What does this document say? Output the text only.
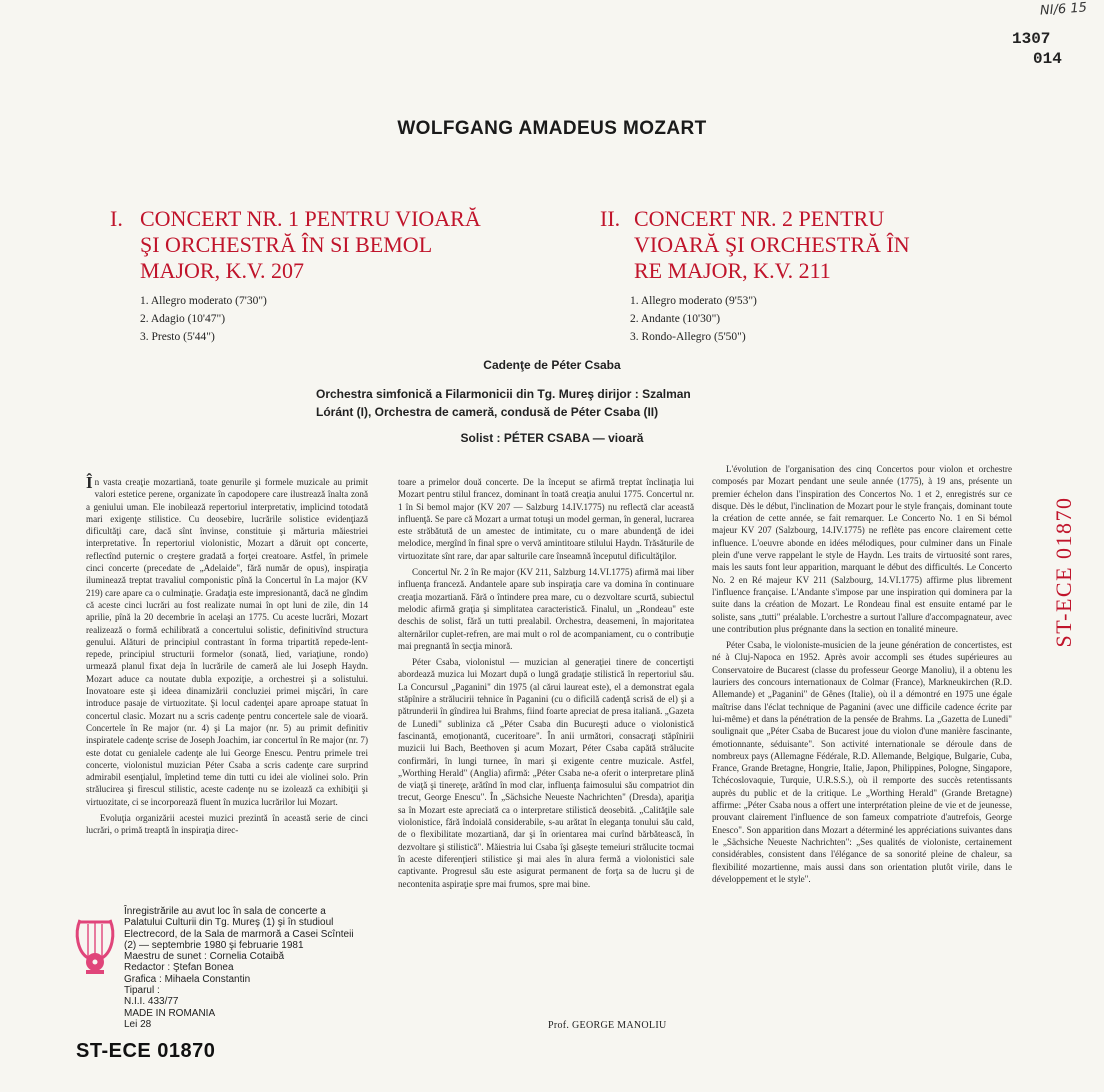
NI/6 15
1307
014
WOLFGANG AMADEUS MOZART
I. CONCERT NR. 1 PENTRU VIOARĂ
ŞI ORCHESTRĂ ÎN SI BEMOL
MAJOR, K.V. 207
II. CONCERT NR. 2 PENTRU
VIOARĂ ŞI ORCHESTRĂ ÎN
RE MAJOR, K.V. 211
1. Allegro moderato (7'30")
2. Adagio (10'47")
3. Presto (5'44")
1. Allegro moderato (9'53")
2. Andante (10'30")
3. Rondo-Allegro (5'50")
Cadenţe de Péter Csaba
Orchestra simfonică a Filarmonicii din Tg. Mureş dirijor : Szalman
Lóránt (I), Orchestra de cameră, condusă de Péter Csaba (II)
Solist : PÉTER CSABA — vioară

În vasta creaţie mozartiană, toate genurile şi formele muzicale au primit valori estetice perene, organizate în capodopere care ilustrează înalta zonă a geniului uman. Ele inobilează repertoriul interpretativ, implicind totodată mari exigenţe stilistice. Cu deosebire, lucrările solistice evidenţiază dificultăţi care, dacă sînt învinse, constituie şi mărturia măiestriei interpretative. În repertoriul violonistic, Mozart a dăruit opt concerte, reflectînd puternic o creştere gradată a forţei creatoare. Astfel, în primele cinci concerte (precedate de „Adelaide", fără număr de opus), inspiraţia iluminează treptat travaliul componistic pînă la Concertul în La major (KV 219) care apare ca o culminaţie. Gradaţia este impresionantă, dacă ne gîndim că aceste cinci lucrări au fost realizate numai în opt luni de zile, din 14 aprilie, pînă la 20 decembrie în acelaşi an 1775. Cu aceste lucrări, Mozart realizează o formă echilibrată a concertului solistic, definitivînd structura genului. Alături de principiul contrastant în forma tripartită repede-lent-repede, principiul structurii formelor (sonată, lied, variaţiune, rondo) urmează planul fixat deja în lucrările de cameră ale lui Joseph Haydn. Mozart aduce ca noutate dubla expoziţie, a orchestrei şi a solistului. Inovatoare este şi ideea dinamizării concluziei primei mişcări, în care introduce pasaje de virtuozitate. Şi locul cadenţei apare aproape statuat în concertul clasic. Mozart nu a scris cadenţe pentru concertele sale de vioară. Concertele în Re major (nr. 4) şi La major (nr. 5) au primit definitiv inspiratele cadenţe scrise de Joseph Joachim, iar concertul în Re major (nr. 7) este dotat cu genialele cadenţe ale lui George Enescu. Pentru primele trei concerte, violonistul muzician Péter Csaba a scris cadenţe care surprind admirabil esenţialul, împletind teme din tutti cu idei ale violinei solo. Prin strălucirea şi firescul stilistic, aceste cadenţe nu se izolează ca exhibiţii şi virtuozitate, ci se incorporează fluent în muzica lucrărilor lui Mozart.

Evoluţia organizării acestei muzici prezintă în această serie de cinci lucrări, o primă treaptă în inspiraţia direc-

toare a primelor două concerte. De la început se afirmă treptat înclinaţia lui Mozart pentru stilul francez, dominant în toată creaţia anului 1775. Concertul nr. 1 în Si bemol major (KV 207 — Salzburg 14.IV.1775) nu reflectă clar această influenţă. Se pare că Mozart a urmat totuşi un model german, în general, lucrarea este străbătută de un amestec de intimitate, cu o mare abundenţă de idei melodice, mergînd în final spre o vervă amintitoare stilului Haydn. Trăsăturile de virtuozitate sînt rare, dar apar salturile care înseamnă începutul dificultăţilor.

Concertul Nr. 2 în Re major (KV 211, Salzburg 14.VI.1775) afirmă mai liber influenţa franceză. Andantele apare sub inspiraţia care va domina în continuare creaţia mozartiană. Fără o întindere prea mare, cu o dezvoltare scurtă, subiectul melodic afirmă graţia şi simplitatea caracteristică. Finalul, un „Rondeau" este deschis de solist, fără un tutti prealabil. Orchestra, deasemeni, în majoritatea alternărilor cuplet-refren, are mai mult o rol de acompaniament, cu o contribuţie mai pregnantă în secţia minoră.

Péter Csaba, violonistul — muzician al generaţiei tinere de concertişti abordează muzica lui Mozart după o lungă gradaţie stilistică în repertoriul său. La Concursul „Paganini" din 1975 (al cărui laureat este), el a demonstrat egala stăpînire a strălucirii tehnice în Paganini (cu o dificilă cadenţă scrisă de el) şi a pătrunderii în gîndirea lui Brahms, fiind foarte apreciat de presa italiană. „Gazeta de Lunedi" subliniza că „Péter Csaba din Bucureşti aduce o violonistică fascinantă, emoţionantă, cuceritoare". În anii următori, consacraţi stăpînirii muzicii lui Bach, Beethoven şi acum Mozart, Péter Csaba capătă strălucite confirmări, în lungi turnee, în mari şi exigente centre muzicale. Astfel, „Worthing Herald" (Anglia) afirmă: „Péter Csaba ne-a oferit o interpretare plină de viaţă şi tinereţe, arătînd în mod clar, influenţa faimosului său compatriot din trecut, George Enescu". În „Sächsiche Neueste Nachrichten" (Dresda), apariţia sa în Mozart este apreciată ca o interpretare stilistică deosebită. „Calităţile sale violonistice, fără îndoială considerabile, s-au arătat în eleganţa tonului său cald, de o flexibilitate mozartiană, dar şi în orientarea mai curînd bărbătească, în dezvoltare şi stilistică". Măiestria lui Csaba îşi găseşte temeiuri strălucite tocmai în aceste diferenţieri stilistice şi mai ales în alura fermă a violonistici sale captivante. Progresul său este asigurat permanent de forţa sa de lucru şi de necontenita aspiraţie spre mai frumos, spre mai bine.

Prof. GEORGE MANOLIU

L'évolution de l'organisation des cinq Concertos pour violon et orchestre composés par Mozart pendant une seule année (1775), à 19 ans, présente un premier échelon dans l'inspiration des Concertos No. 1 et 2, enregistrés sur ce disque. Dès le début, l'inclination de Mozart pour le style français, dominant toute la création de cette année, se fait remarquer. Le Concerto No. 1 en Si bémol majeur KV 207 (Salzbourg, 14.IV.1775) ne reflète pas encore clairement cette influence. L'oeuvre abonde en idées mélodiques, pour culminer dans un Finale plein d'une verve rappelant le style de Haydn. Les traits de virtuosité sont rares, mais les sauts font leur apparition, marquant le début des difficultés. Le Concerto No. 2 en Ré majeur KV 211 (Salzbourg, 14.VI.1775) affirme plus librement l'influence française. L'Andante s'impose par une inspiration qui dominera par la suite dans la création de Mozart. Le Rondeau final est ensuite entamé par le soliste, sans „tutti" préalable. L'orchestre a surtout l'allure d'accompagnateur, avec une contribution plus prégnante dans la section en tonalité mineure.

Péter Csaba, le violoniste-musicien de la jeune génération de concertistes, est né à Cluj-Napoca en 1952. Après avoir accompli ses études supérieures au Conservatoire de Bucarest (classe du professeur George Manoliu), il a obtenu les lauriers des concours internationaux de Colmar (France), Markneukirchen (R.D. Allemande) et „Paganini" de Gênes (Italie), où il a démontré en 1975 une égale maîtrise dans l'éclat technique de Paganini (avec une difficile cadence écrite par lui-même) et dans la pénétration de la pensée de Brahms. La „Gazetta de Lunedi" soulignait que „Péter Csaba de Bucarest joue du violon d'une manière fascinante, émotionnante, séduisante". Son activité internationale se déroule dans de nombreux pays (Allemagne Fédérale, R.D. Allemande, Belgique, Bulgarie, Cuba, France, Grande Bretagne, Hongrie, Italie, Japon, Philippines, Pologne, Singapore, Tchécoslovaquie, Turquie, U.R.S.S.), où il remporte des succès retentissants auprès du public et de la critique. Le „Worthing Herald" (Grande Bretagne) affirme: „Péter Csaba nous a offert une interprétation pleine de vie et de jeunesse, prouvant clairement l'influence de son fameux compatriote d'autrefois, George Enesco". Son apparition dans Mozart a déterminé les appréciations suivantes dans le „Sächsiche Neueste Nachrichten": „Ses qualités de violoniste, certainement considérables, consistent dans l'élégance de sa sonorité pleine de chaleur, sa flexibilité mozartienne, mais aussi dans son orientation plutôt virile, dans le développement et le style".

Înregistrările au avut loc în sala de concerte a
Palatului Culturii din Tg. Mureş (1) şi în studioul
Electrecord, de la Sala de marmoră a Casei Scînteii
(2) — septembrie 1980 şi februarie 1981
Maestru de sunet : Cornelia Cotaibă
Redactor : Ştefan Bonea
Grafica : Mihaela Constantin
Tiparul :
N.I.I. 433/77
MADE IN ROMANIA
Lei 28
ST-ECE 01870
ST-ECE 01870
